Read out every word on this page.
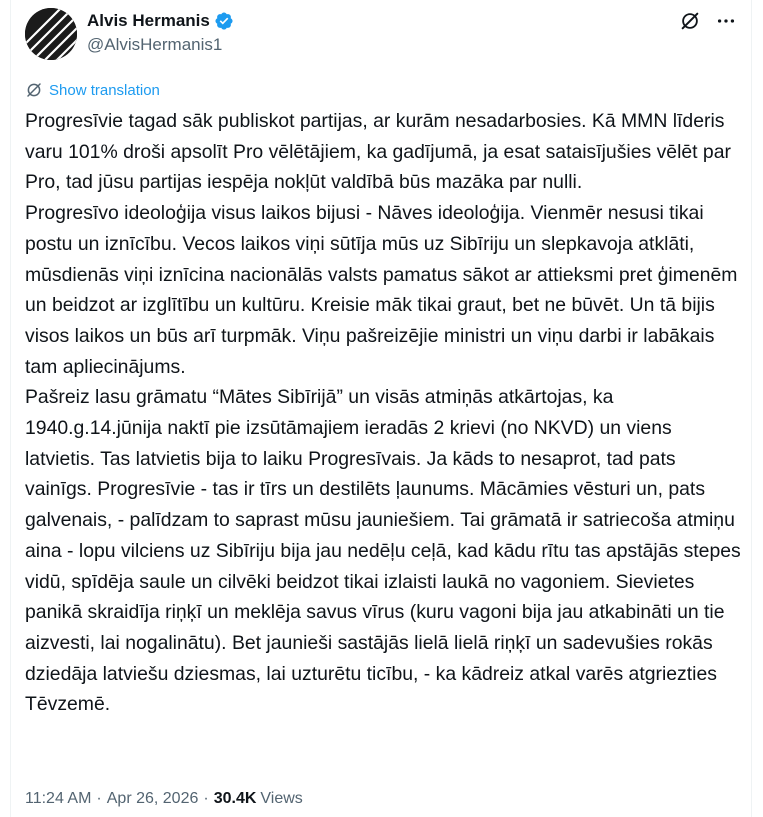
Alvis Hermanis
@AlvisHermanis1
Show translation
Progresīvie tagad sāk publiskot partijas, ar kurām nesadarbosies. Kā MMN līderis varu 101% droši apsolīt Pro vēlētājiem, ka gadījumā, ja esat sataisījušies vēlēt par Pro, tad jūsu partijas iespēja nokļūt valdībā būs mazāka par nulli.
Progresīvo ideoloģija visus laikos bijusi - Nāves ideoloģija. Vienmēr nesusi tikai postu un iznīcību. Vecos laikos viņi sūtīja mūs uz Sibīriju un slepkavoja atklāti, mūsdienās viņi iznīcina nacionālās valsts pamatus sākot ar attieksmi pret ģimenēm un beidzot ar izglītību un kultūru. Kreisie māk tikai graut, bet ne būvēt. Un tā bijis visos laikos un būs arī turpmāk. Viņu pašreizējie ministri un viņu darbi ir labākais tam apliecinājums.
Pašreiz lasu grāmatu “Mātes Sibīrijā” un visās atmiņās atkārtojas, ka 1940.g.14.jūnija naktī pie izsūtāmajiem ieradās 2 krievi (no NKVD) un viens latvietis. Tas latvietis bija to laiku Progresīvais. Ja kāds to nesaprot, tad pats vainīgs. Progresīvie - tas ir tīrs un destilēts ļaunums. Mācāmies vēsturi un, pats galvenais, - palīdzam to saprast mūsu jauniešiem. Tai grāmatā ir satriecoša atmiņu aina - lopu vilciens uz Sibīriju bija jau nedēļu ceļā, kad kādu rītu tas apstājās stepes vidū, spīdēja saule un cilvēki beidzot tikai izlaisti laukā no vagoniem. Sievietes panikā skraidīja riņķī un meklēja savus vīrus (kuru vagoni bija jau atkabināti un tie aizvesti, lai nogalinātu). Bet jaunieši sastājās lielā lielā riņķī un sadevušies rokās dziedāja latviešu dziesmas, lai uzturētu ticību, - ka kādreiz atkal varēs atgriezties Tēvzemē.
11:24 AM · Apr 26, 2026 · 30.4K Views
